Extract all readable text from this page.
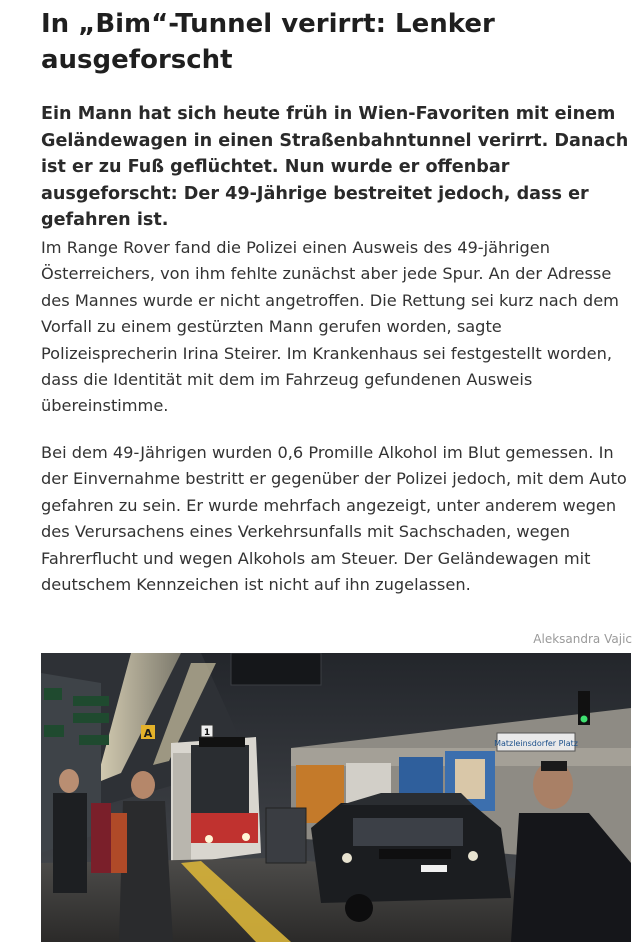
In „Bim“-Tunnel verirrt: Lenker ausgeforscht

Ein Mann hat sich heute früh in Wien-Favoriten mit einem Geländewagen in einen Straßenbahntunnel verirrt. Danach ist er zu Fuß geflüchtet. Nun wurde er offenbar ausgeforscht: Der 49-Jährige bestreitet jedoch, dass er gefahren ist.

Im Range Rover fand die Polizei einen Ausweis des 49-jährigen Österreichers, von ihm fehlte zunächst aber jede Spur. An der Adresse des Mannes wurde er nicht angetroffen. Die Rettung sei kurz nach dem Vorfall zu einem gestürzten Mann gerufen worden, sagte Polizeisprecherin Irina Steirer. Im Krankenhaus sei festgestellt worden, dass die Identität mit dem im Fahrzeug gefundenen Ausweis übereinstimme.

Bei dem 49-Jährigen wurden 0,6 Promille Alkohol im Blut gemessen. In der Einvernahme bestritt er gegenüber der Polizei jedoch, mit dem Auto gefahren zu sein. Er wurde mehrfach angezeigt, unter anderem wegen des Verursachens eines Verkehrsunfalls mit Sachschaden, wegen Fahrerflucht und wegen Alkohols am Steuer. Der Geländewagen mit deutschem Kennzeichen ist nicht auf ihn zugelassen.

Aleksandra Vajic
Matzleinsdorfer Platz
A	1
